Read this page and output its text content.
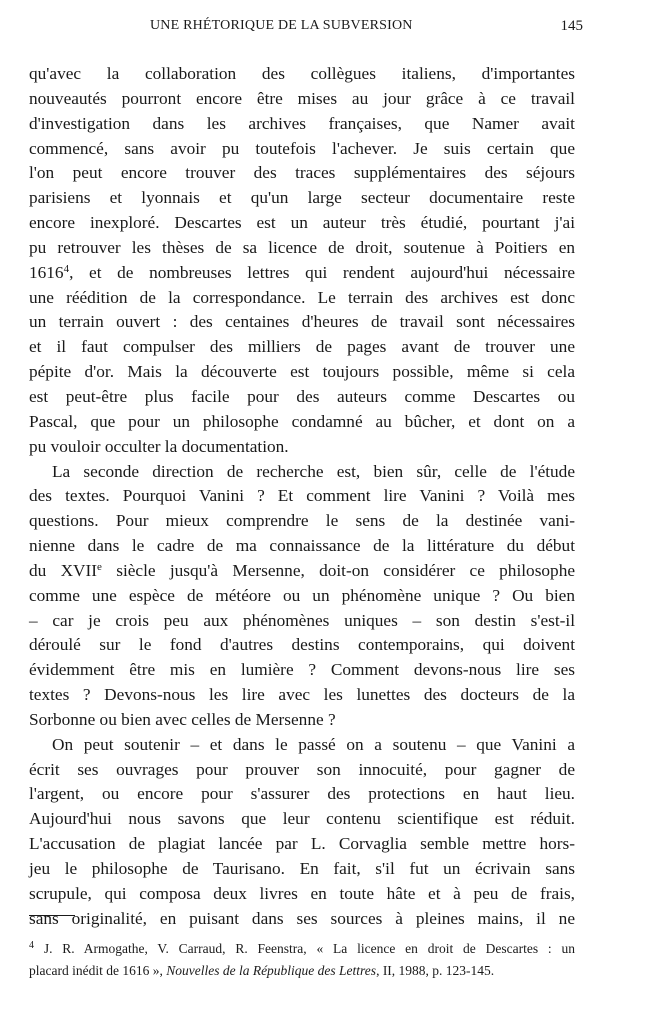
UNE RHÉTORIQUE DE LA SUBVERSION	145
qu'avec la collaboration des collègues italiens, d'importantes
nouveautés pourront encore être mises au jour grâce à ce travail
d'investigation dans les archives françaises, que Namer avait
commencé, sans avoir pu toutefois l'achever. Je suis certain que
l'on peut encore trouver des traces supplémentaires des séjours
parisiens et lyonnais et qu'un large secteur documentaire reste
encore inexploré. Descartes est un auteur très étudié, pourtant j'ai
pu retrouver les thèses de sa licence de droit, soutenue à Poitiers en
1616$^4$, et de nombreuses lettres qui rendent aujourd'hui nécessaire
une réédition de la correspondance. Le terrain des archives est donc
un terrain ouvert : des centaines d'heures de travail sont nécessaires
et il faut compulser des milliers de pages avant de trouver une
pépite d'or. Mais la découverte est toujours possible, même si cela
est peut-être plus facile pour des auteurs comme Descartes ou
Pascal, que pour un philosophe condamné au bûcher, et dont on a
pu vouloir occulter la documentation.
La seconde direction de recherche est, bien sûr, celle de l'étude
des textes. Pourquoi Vanini ? Et comment lire Vanini ? Voilà mes
questions. Pour mieux comprendre le sens de la destinée vani-
nienne dans le cadre de ma connaissance de la littérature du début
du XVIIe siècle jusqu'à Mersenne, doit-on considérer ce philosophe
comme une espèce de météore ou un phénomène unique ? Ou bien
– car je crois peu aux phénomènes uniques – son destin s'est-il
déroulé sur le fond d'autres destins contemporains, qui doivent
évidemment être mis en lumière ? Comment devons-nous lire ses
textes ? Devons-nous les lire avec les lunettes des docteurs de la
Sorbonne ou bien avec celles de Mersenne ?
On peut soutenir – et dans le passé on a soutenu – que Vanini a
écrit ses ouvrages pour prouver son innocuité, pour gagner de
l'argent, ou encore pour s'assurer des protections en haut lieu.
Aujourd'hui nous savons que leur contenu scientifique est réduit.
L'accusation de plagiat lancée par L. Corvaglia semble mettre hors-
jeu le philosophe de Taurisano. En fait, s'il fut un écrivain sans
scrupule, qui composa deux livres en toute hâte et à peu de frais,
sans originalité, en puisant dans ses sources à pleines mains, il ne
$^4$ J. R. Armogathe, V. Carraud, R. Feenstra, « La licence en droit de Descartes : un
placard inédit de 1616 », Nouvelles de la République des Lettres, II, 1988, p. 123-145.
